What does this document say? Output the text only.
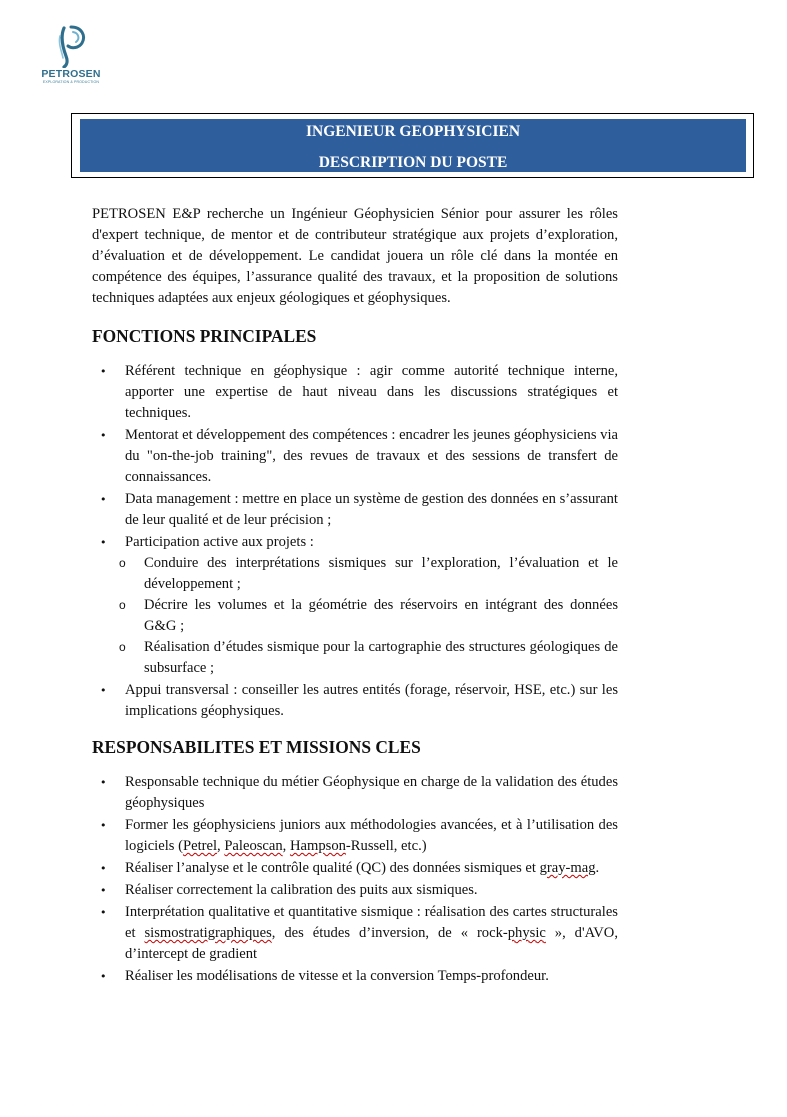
PETROSEN
EXPLORATION & PRODUCTION
INGENIEUR GEOPHYSICIEN
DESCRIPTION DU POSTE

PETROSEN E&P recherche un Ingénieur Géophysicien Sénior pour assurer les rôles d'expert technique, de mentor et de contributeur stratégique aux projets d’exploration, d’évaluation et de développement. Le candidat jouera un rôle clé dans la montée en compétence des équipes, l’assurance qualité des travaux, et la proposition de solutions techniques adaptées aux enjeux géologiques et géophysiques.

FONCTIONS PRINCIPALES
• Référent technique en géophysique : agir comme autorité technique interne, apporter une expertise de haut niveau dans les discussions stratégiques et techniques.
• Mentorat et développement des compétences : encadrer les jeunes géophysiciens via du "on-the-job training", des revues de travaux et des sessions de transfert de connaissances.
• Data management : mettre en place un système de gestion des données en s’assurant de leur qualité et de leur précision ;
• Participation active aux projets :
o Conduire des interprétations sismiques sur l’exploration, l’évaluation et le développement ;
o Décrire les volumes et la géométrie des réservoirs en intégrant des données G&G ;
o Réalisation d’études sismique pour la cartographie des structures géologiques de subsurface ;
• Appui transversal : conseiller les autres entités (forage, réservoir, HSE, etc.) sur les implications géophysiques.
RESPONSABILITES ET MISSIONS CLES
• Responsable technique du métier Géophysique en charge de la validation des études géophysiques
• Former les géophysiciens juniors aux méthodologies avancées, et à l’utilisation des logiciels (Petrel, Paleoscan, Hampson-Russell, etc.)
• Réaliser l’analyse et le contrôle qualité (QC) des données sismiques et gray-mag.
• Réaliser correctement la calibration des puits aux sismiques.
• Interprétation qualitative et quantitative sismique : réalisation des cartes structurales et sismostratigraphiques, des études d’inversion, de « rock-physic », d'AVO, d’intercept de gradient
• Réaliser les modélisations de vitesse et la conversion Temps-profondeur.
